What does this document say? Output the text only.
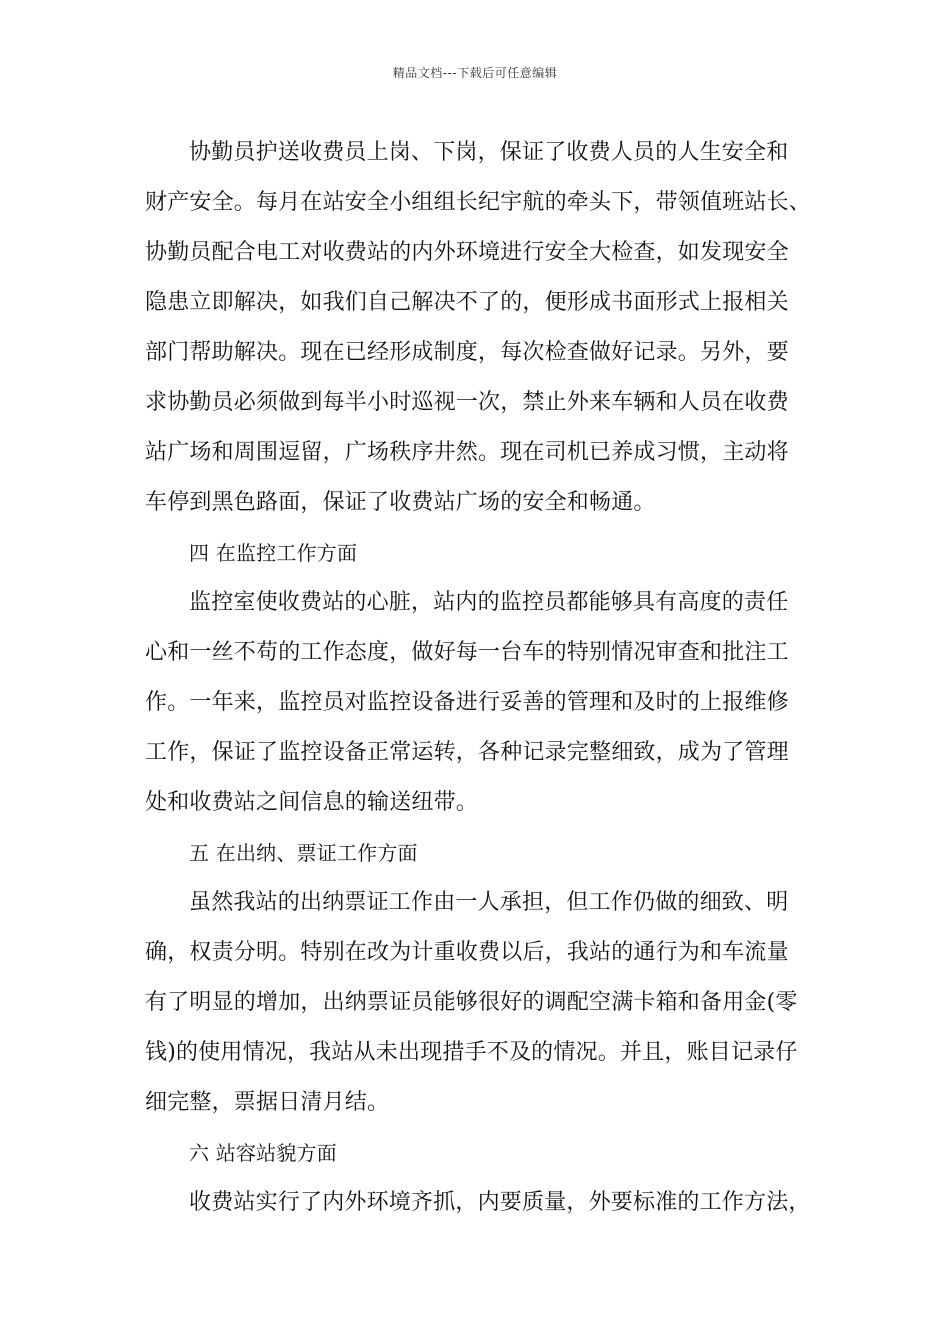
精品文档---下载后可任意编辑
协勤员护送收费员上岗、下岗，保证了收费人员的人生安全和
财产安全。每月在站安全小组组长纪宇航的牵头下，带领值班站长、
协勤员配合电工对收费站的内外环境进行安全大检查，如发现安全
隐患立即解决，如我们自己解决不了的，便形成书面形式上报相关
部门帮助解决。现在已经形成制度，每次检查做好记录。另外，要
求协勤员必须做到每半小时巡视一次，禁止外来车辆和人员在收费
站广场和周围逗留，广场秩序井然。现在司机已养成习惯，主动将
车停到黑色路面，保证了收费站广场的安全和畅通。
四 在监控工作方面
监控室使收费站的心脏，站内的监控员都能够具有高度的责任
心和一丝不苟的工作态度，做好每一台车的特别情况审查和批注工
作。一年来，监控员对监控设备进行妥善的管理和及时的上报维修
工作，保证了监控设备正常运转，各种记录完整细致，成为了管理
处和收费站之间信息的输送纽带。
五 在出纳、票证工作方面
虽然我站的出纳票证工作由一人承担，但工作仍做的细致、明
确，权责分明。特别在改为计重收费以后，我站的通行为和车流量
有了明显的增加，出纳票证员能够很好的调配空满卡箱和备用金(零
钱)的使用情况，我站从未出现措手不及的情况。并且，账目记录仔
细完整，票据日清月结。
六 站容站貌方面
收费站实行了内外环境齐抓，内要质量，外要标准的工作方法，
